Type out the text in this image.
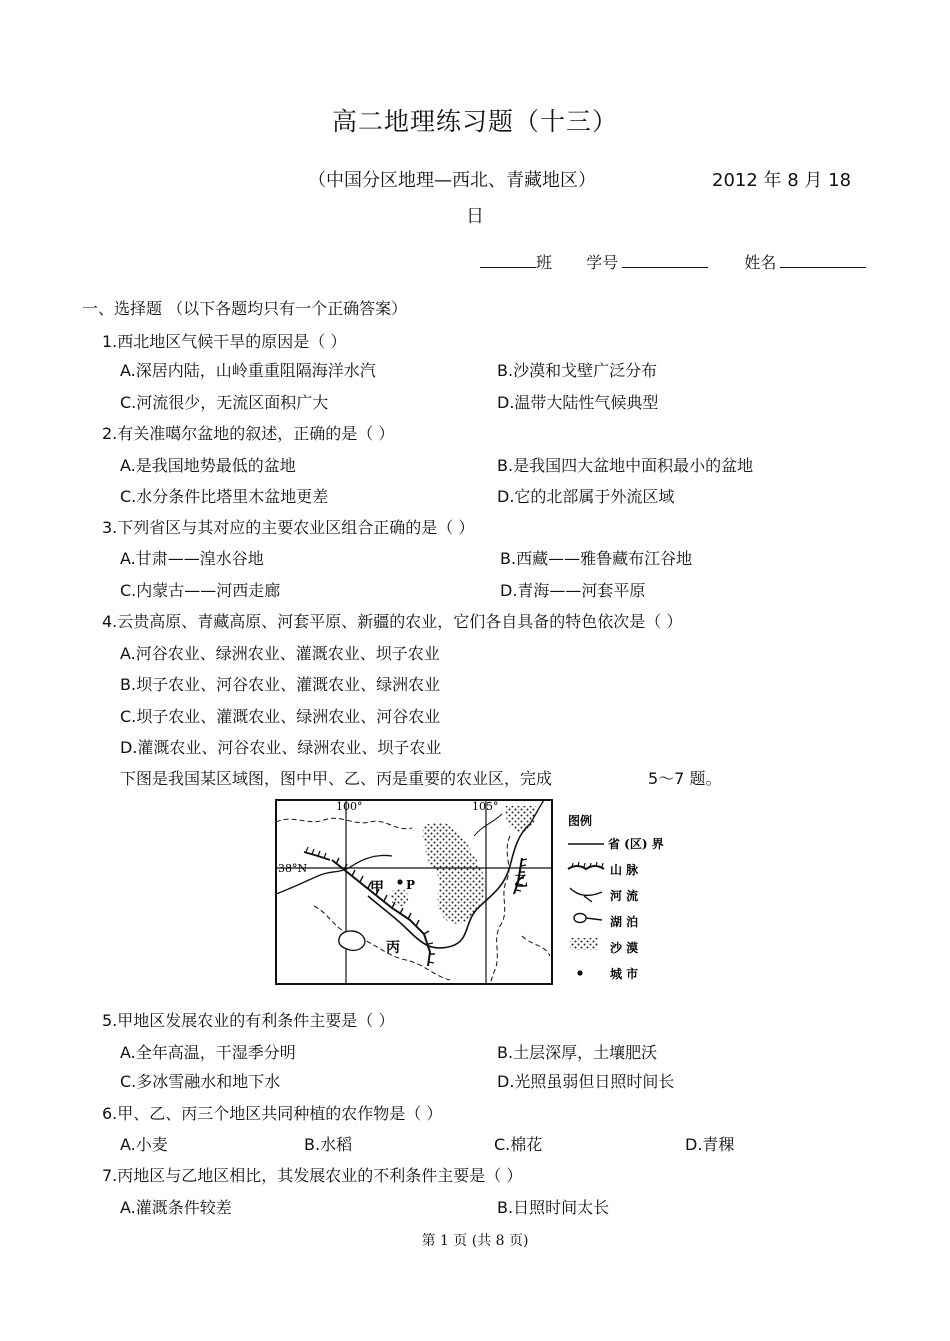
高二地理练习题（十三）
（中国分区地理—西北、青藏地区）	2012 年 8 月 18
日
班 学号	姓名
一、选择题 （以下各题均只有一个正确答案）
1.西北地区气候干旱的原因是（ ）
A.深居内陆，山岭重重阻隔海洋水汽	B.沙漠和戈壁广泛分布
C.河流很少，无流区面积广大	D.温带大陆性气候典型
2.有关准噶尔盆地的叙述，正确的是（ ）
A.是我国地势最低的盆地	B.是我国四大盆地中面积最小的盆地
C.水分条件比塔里木盆地更差	D.它的北部属于外流区域
3.下列省区与其对应的主要农业区组合正确的是（ ）
A.甘肃——湟水谷地	B.西藏——雅鲁藏布江谷地
C.内蒙古——河西走廊	D.青海——河套平原
4.云贵高原、青藏高原、河套平原、新疆的农业，它们各自具备的特色依次是（ ）
A.河谷农业、绿洲农业、灌溉农业、坝子农业
B.坝子农业、河谷农业、灌溉农业、绿洲农业
C.坝子农业、灌溉农业、绿洲农业、河谷农业
D.灌溉农业、河谷农业、绿洲农业、坝子农业
下图是我国某区域图，图中甲、乙、丙是重要的农业区，完成	5～7 题。
P
甲	乙
丙
100°	105°
38°N
图例
省 (区) 界
山 脉
河 流
湖 泊
沙 漠
城 市
5.甲地区发展农业的有利条件主要是（ ）
A.全年高温，干湿季分明	B.土层深厚，土壤肥沃
C.多冰雪融水和地下水	D.光照虽弱但日照时间长
6.甲、乙、丙三个地区共同种植的农作物是（ ）
A.小麦	B.水稻	C.棉花	D.青稞
7.丙地区与乙地区相比，其发展农业的不利条件主要是（ ）
A.灌溉条件较差	B.日照时间太长
第 1 页 (共 8 页)
